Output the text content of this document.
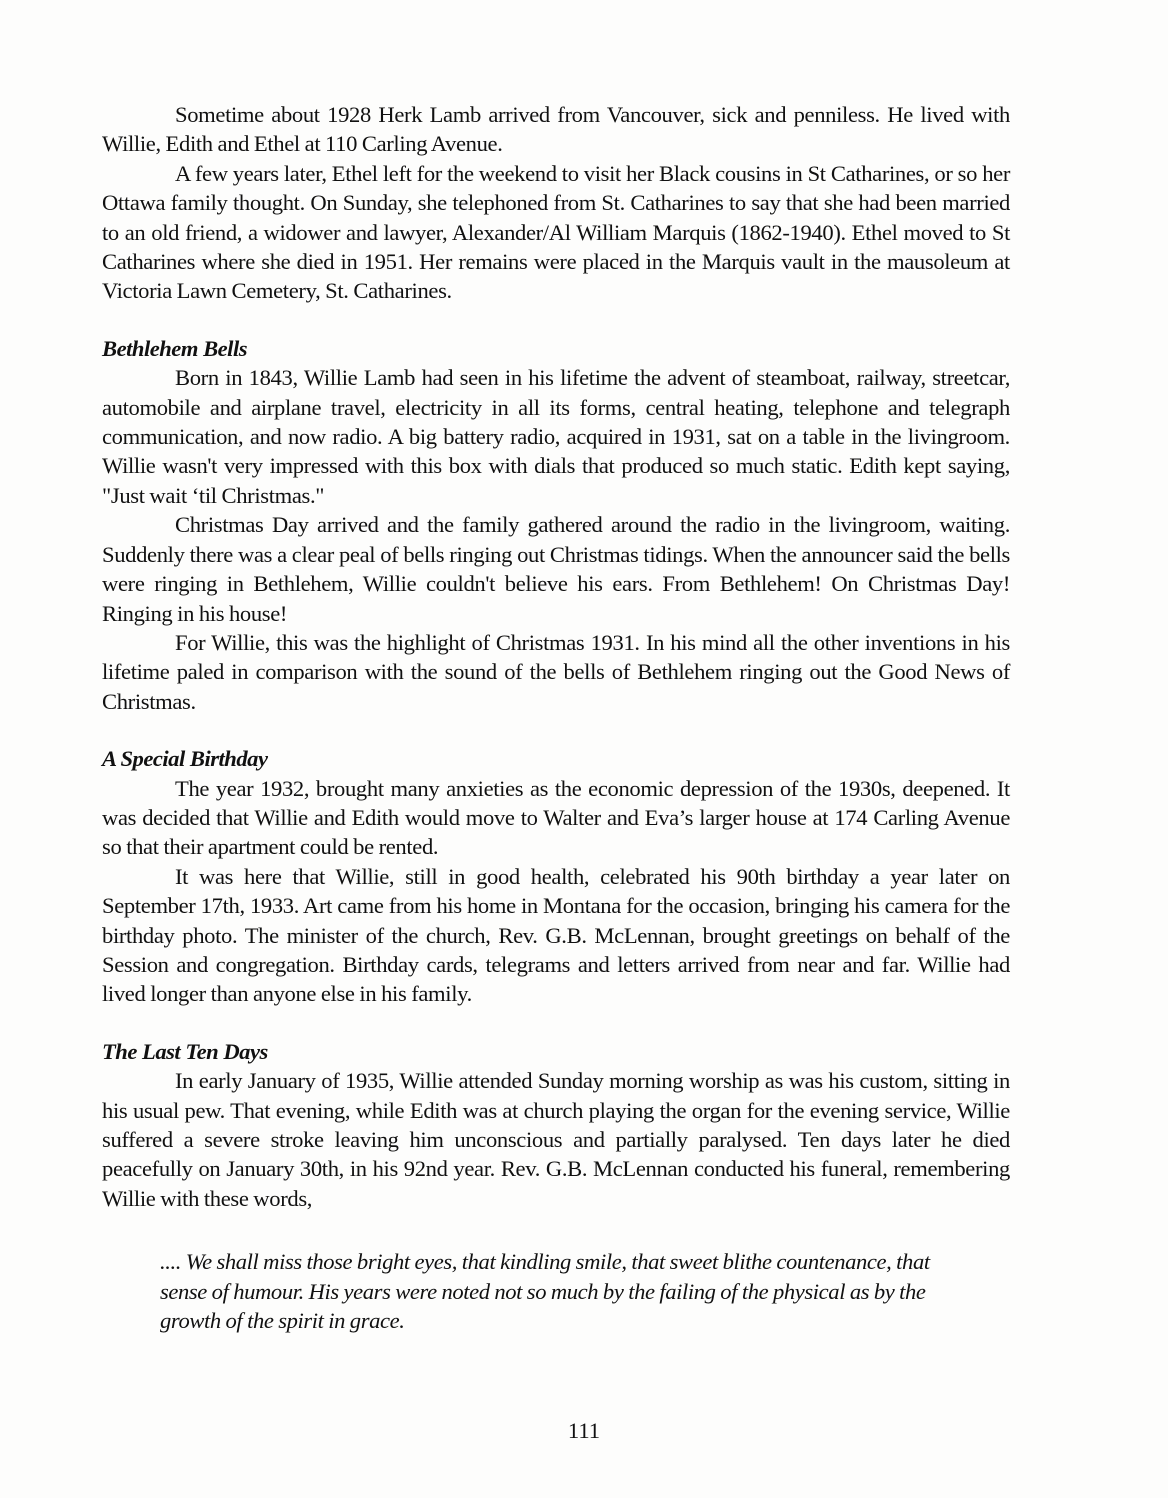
Sometime about 1928 Herk Lamb arrived from Vancouver, sick and penniless. He lived with Willie, Edith and Ethel at 110 Carling Avenue.

A few years later, Ethel left for the weekend to visit her Black cousins in St Catharines, or so her Ottawa family thought. On Sunday, she telephoned from St. Catharines to say that she had been married to an old friend, a widower and lawyer, Alexander/Al William Marquis (1862-1940). Ethel moved to St Catharines where she died in 1951. Her remains were placed in the Marquis vault in the mausoleum at Victoria Lawn Cemetery, St. Catharines.

Bethlehem Bells

Born in 1843, Willie Lamb had seen in his lifetime the advent of steamboat, railway, streetcar, automobile and airplane travel, electricity in all its forms, central heating, telephone and telegraph communication, and now radio. A big battery radio, acquired in 1931, sat on a table in the livingroom. Willie wasn't very impressed with this box with dials that produced so much static. Edith kept saying, "Just wait ‘til Christmas."

Christmas Day arrived and the family gathered around the radio in the livingroom, waiting. Suddenly there was a clear peal of bells ringing out Christmas tidings. When the announcer said the bells were ringing in Bethlehem, Willie couldn't believe his ears. From Bethlehem! On Christmas Day! Ringing in his house!

For Willie, this was the highlight of Christmas 1931. In his mind all the other inventions in his lifetime paled in comparison with the sound of the bells of Bethlehem ringing out the Good News of Christmas.

A Special Birthday

The year 1932, brought many anxieties as the economic depression of the 1930s, deepened. It was decided that Willie and Edith would move to Walter and Eva’s larger house at 174 Carling Avenue so that their apartment could be rented.

It was here that Willie, still in good health, celebrated his 90th birthday a year later on September 17th, 1933. Art came from his home in Montana for the occasion, bringing his camera for the birthday photo. The minister of the church, Rev. G.B. McLennan, brought greetings on behalf of the Session and congregation. Birthday cards, telegrams and letters arrived from near and far. Willie had lived longer than anyone else in his family.

The Last Ten Days

In early January of 1935, Willie attended Sunday morning worship as was his custom, sitting in his usual pew. That evening, while Edith was at church playing the organ for the evening service, Willie suffered a severe stroke leaving him unconscious and partially paralysed. Ten days later he died peacefully on January 30th, in his 92nd year. Rev. G.B. McLennan conducted his funeral, remembering Willie with these words,

.... We shall miss those bright eyes, that kindling smile, that sweet blithe countenance, that sense of humour. His years were noted not so much by the failing of the physical as by the growth of the spirit in grace.

111
